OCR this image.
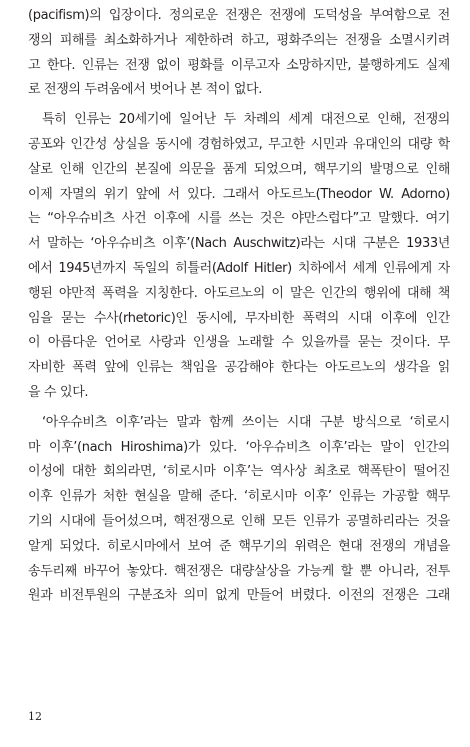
(pacifism)의 입장이다. 정의로운 전쟁은 전쟁에 도덕성을 부여함으로 전
쟁의 피해를 최소화하거나 제한하려 하고, 평화주의는 전쟁을 소멸시키려
고 한다. 인류는 전쟁 없이 평화를 이루고자 소망하지만, 불행하게도 실제
로 전쟁의 두려움에서 벗어나 본 적이 없다.
특히 인류는 20세기에 일어난 두 차례의 세계 대전으로 인해, 전쟁의
공포와 인간성 상실을 동시에 경험하였고, 무고한 시민과 유대인의 대량 학
살로 인해 인간의 본질에 의문을 품게 되었으며, 핵무기의 발명으로 인해
이제 자멸의 위기 앞에 서 있다. 그래서 아도르노(Theodor W. Adorno)
는 “아우슈비츠 사건 이후에 시를 쓰는 것은 야만스럽다”고 말했다. 여기
서 말하는 ‘아우슈비츠 이후’(Nach Auschwitz)라는 시대 구분은 1933년
에서 1945년까지 독일의 히틀러(Adolf Hitler) 치하에서 세계 인류에게 자
행된 야만적 폭력을 지칭한다. 아도르노의 이 말은 인간의 행위에 대해 책
임을 묻는 수사(rhetoric)인 동시에, 무자비한 폭력의 시대 이후에 인간
이 아름다운 언어로 사랑과 인생을 노래할 수 있을까를 묻는 것이다. 무
자비한 폭력 앞에 인류는 책임을 공감해야 한다는 아도르노의 생각을 읽
을 수 있다.
‘아우슈비츠 이후’라는 말과 함께 쓰이는 시대 구분 방식으로 ‘히로시
마 이후’(nach Hiroshima)가 있다. ‘아우슈비츠 이후’라는 말이 인간의
이성에 대한 회의라면, ‘히로시마 이후’는 역사상 최초로 핵폭탄이 떨어진
이후 인류가 처한 현실을 말해 준다. ‘히로시마 이후’ 인류는 가공할 핵무
기의 시대에 들어섰으며, 핵전쟁으로 인해 모든 인류가 공멸하리라는 것을
알게 되었다. 히로시마에서 보여 준 핵무기의 위력은 현대 전쟁의 개념을
송두리째 바꾸어 놓았다. 핵전쟁은 대량살상을 가능케 할 뿐 아니라, 전투
원과 비전투원의 구분조차 의미 없게 만들어 버렸다. 이전의 전쟁은 그래
12
